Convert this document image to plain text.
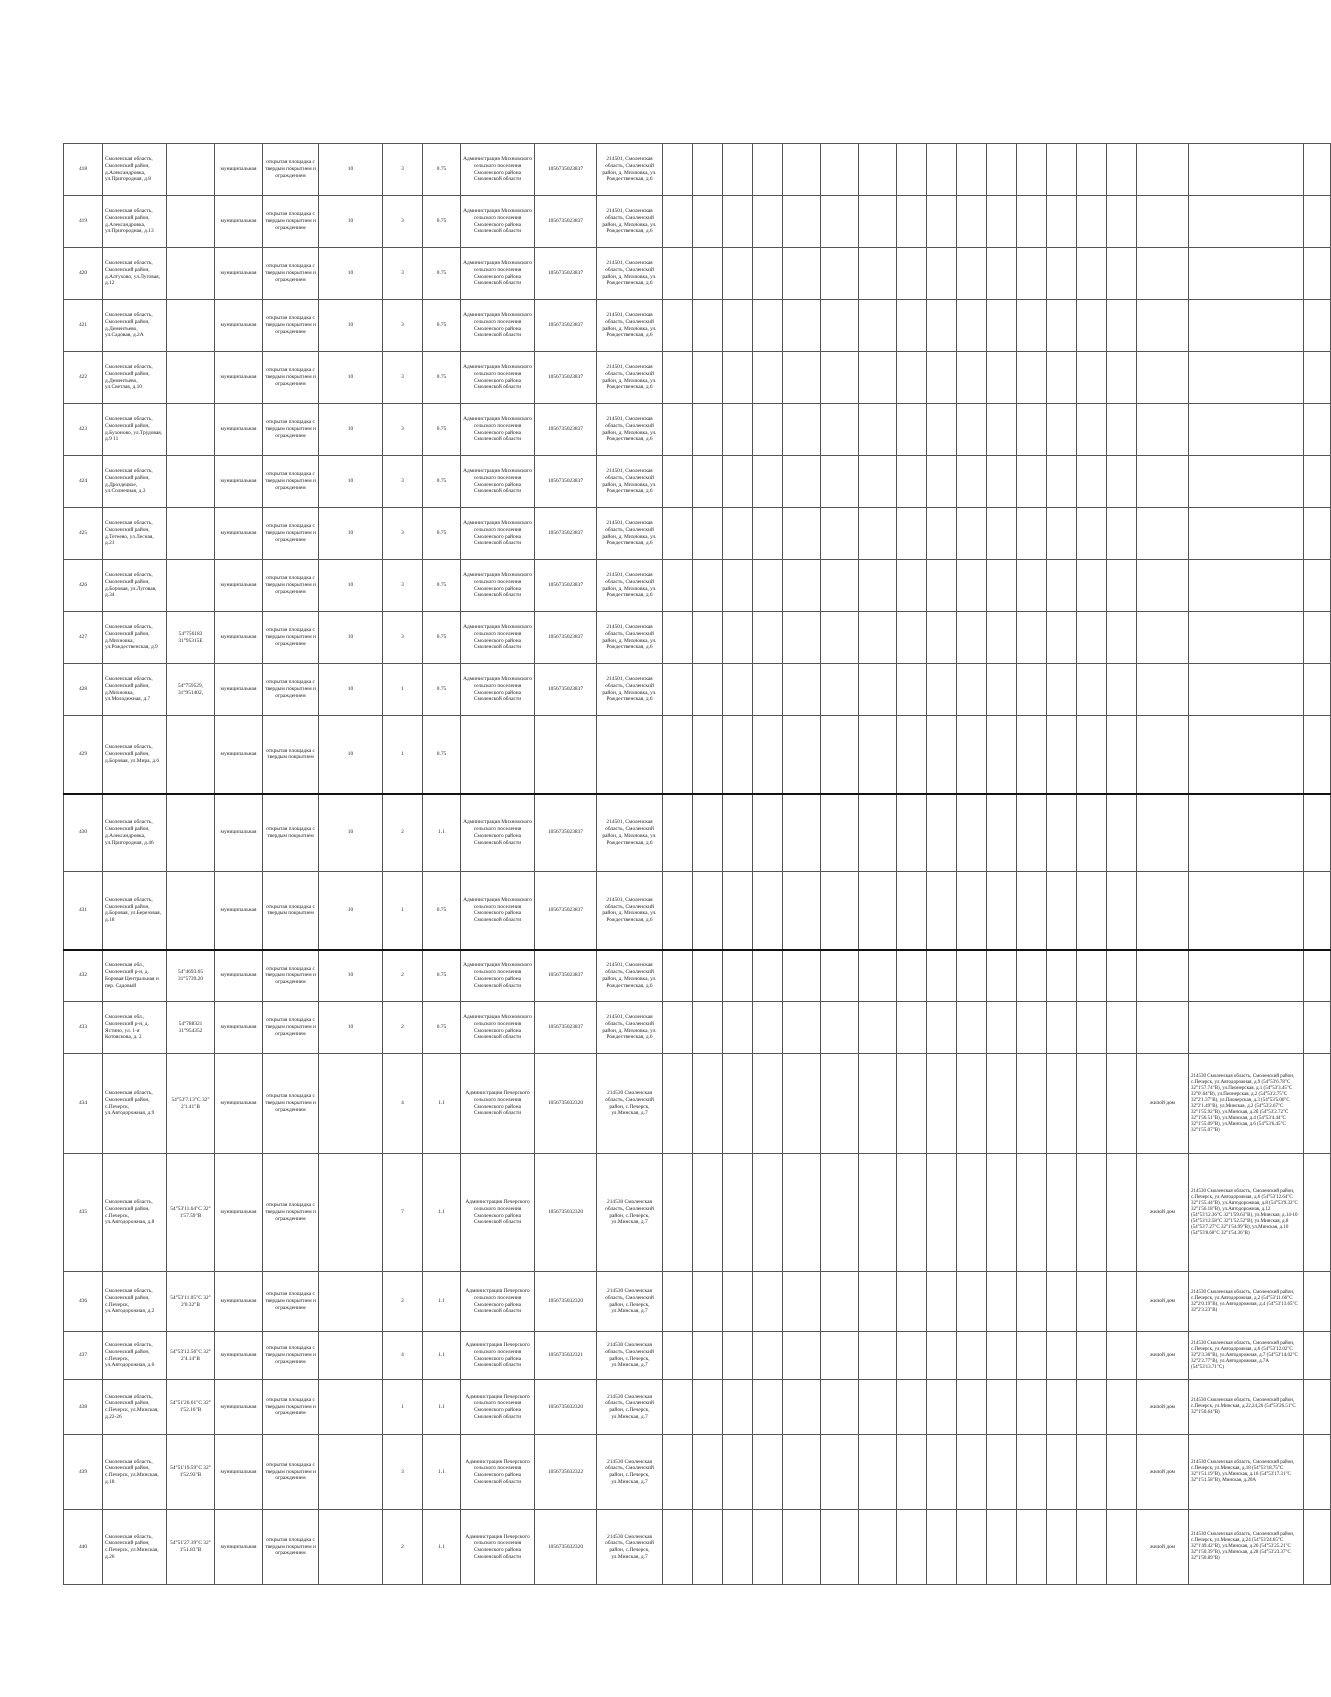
418	Смоленская область, Смоленский район, д.Александровка, ул.Пригородная, д.8		муниципальная	открытая площадка с твердым покрытием и ограждением	10	3	0.75	Администрация Михновского сельского поселения Смоленского района Смоленской области	1056735023837	214501, Смоленская область, Смоленский район, д. Михновка, ул. Рождественская, д.6																		
419	Смоленская область, Смоленский район, д.Александровка, ул.Пригородная, д.13		муниципальная	открытая площадка с твердым покрытием и ограждением	10	3	0.75	Администрация Михновского сельского поселения Смоленского района Смоленской области	1056735023837	214501, Смоленская область, Смоленский район, д. Михновка, ул. Рождественская, д.6																		
420	Смоленская область, Смоленский район, д.Алтухово, ул.Луговая, д.12		муниципальная	открытая площадка с твердым покрытием и ограждением	10	3	0.75	Администрация Михновского сельского поселения Смоленского района Смоленской области	1056735023837	214501, Смоленская область, Смоленский район, д. Михновка, ул. Рождественская, д.6																		
421	Смоленская область, Смоленский район, д.Дементьево, ул.Садовая, д.2А		муниципальная	открытая площадка с твердым покрытием и ограждением	10	3	0.75	Администрация Михновского сельского поселения Смоленского района Смоленской области	1056735023837	214501, Смоленская область, Смоленский район, д. Михновка, ул. Рождественская, д.6																		
422	Смоленская область, Смоленский район, д.Дементьево, ул.Светлая, д.10		муниципальная	открытая площадка с твердым покрытием и ограждением	10	3	0.75	Администрация Михновского сельского поселения Смоленского района Смоленской области	1056735023837	214501, Смоленская область, Смоленский район, д. Михновка, ул. Рождественская, д.6																		
423	Смоленская область, Смоленский район, д.Бухоново, ул.Трудовая, д.9 11		муниципальная	открытая площадка с твердым покрытием и ограждением	10	3	0.75	Администрация Михновского сельского поселения Смоленского района Смоленской области	1056735023837	214501, Смоленская область, Смоленский район, д. Михновка, ул. Рождественская, д.6																		
424	Смоленская область, Смоленский район, д.Дроздецкое, ул.Солнечная, д.3		муниципальная	открытая площадка с твердым покрытием и ограждением	10	3	0.75	Администрация Михновского сельского поселения Смоленского района Смоленской области	1056735023837	214501, Смоленская область, Смоленский район, д. Михновка, ул. Рождественская, д.6																		
425	Смоленская область, Смоленский район, д.Тетеево, ул.Лесная, д.21		муниципальная	открытая площадка с твердым покрытием и ограждением	10	3	0.75	Администрация Михновского сельского поселения Смоленского района Смоленской области	1056735023837	214501, Смоленская область, Смоленский район, д. Михновка, ул. Рождественская, д.6																		
426	Смоленская область, Смоленский район, д.Боровая, ул.Луговая, д.34		муниципальная	открытая площадка с твердым покрытием и ограждением	10	3	0.75	Администрация Михновского сельского поселения Смоленского района Смоленской области	1056735023837	214501, Смоленская область, Смоленский район, д. Михновка, ул. Рождественская, д.6																		
427	Смоленская область, Смоленский район, д.Михновка, ул.Рождественская, д.9	54°756183 31°95315Е	муниципальная	открытая площадка с твердым покрытием и ограждением	10	3	0.75	Администрация Михновского сельского поселения Смоленского района Смоленской области	1056735023837	214501, Смоленская область, Смоленский район, д. Михновка, ул. Рождественская, д.6																		
428	Смоленская область, Смоленский район, д.Михновка, ул.Молодежная, д.7	54°759529, 31°951402,	муниципальная	открытая площадка с твердым покрытием и ограждением	10	1	0.75	Администрация Михновского сельского поселения Смоленского района Смоленской области	1056735023837	214501, Смоленская область, Смоленский район, д. Михновка, ул. Рождественская, д.6																		
429	Смоленская область, Смоленский район, д.Боровая, ул.Мира, д.6		муниципальная	открытая площадка с твердым покрытием	10	1	0.75																					
430	Смоленская область, Смоленский район, д.Александровка, ул.Пригородная, д.46		муниципальная	открытая площадка с твердым покрытием	10	2	1.1	Администрация Михновского сельского поселения Смоленского района Смоленской области	1056735023837	214501, Смоленская область, Смоленский район, д. Михновка, ул. Рождественская, д.6																		
431	Смоленская область, Смоленский район, д.Боровая, ул.Березовая, д.18		муниципальная	открытая площадка с твердым покрытием	10	1	0.75	Администрация Михновского сельского поселения Смоленского района Смоленской области	1056735023837	214501, Смоленская область, Смоленский район, д. Михновка, ул. Рождественская, д.6																		
432	Смоленская обл., Смоленский р-н, д. Боровая Центральная и пер. Садовый	54°4693.65 31°5739.20	муниципальная	открытая площадка с твердым покрытием и ограждением	10	2	0.75	Администрация Михновского сельского поселения Смоленского района Смоленской области	1056735023837	214501, Смоленская область, Смоленский район, д. Михновка, ул. Рождественская, д.6																		
433	Смоленская обл., Смоленский р-н, д. Ястино, ул. 1-я Котовскова, д. 2	54°788321 31°954352	муниципальная	открытая площадка с твердым покрытием и ограждением	10	2	0.75	Администрация Михновского сельского поселения Смоленского района Смоленской области	1056735023837	214501, Смоленская область, Смоленский район, д. Михновка, ул. Рождественская, д.6																		
434	Смоленская область, Смоленский район, с.Печерск, ул.Автодорожная, д.9	54°53'7.13"С 32° 2'1.41"В	муниципальная	открытая площадка с твердым покрытием и ограждением		4	1.1	Администрация Печерского сельского поселения Смоленского района Смоленской области	1056735032320	214530 Смоленская область, Смоленский район, с.Печерск, ул.Минская, д.7																жилой дом	214530 Смоленская область, Смоленский район, с.Печерск, ул.Автодорожная, д.9 (54°53'6.78"С 32°1'57.74"В), ул.Пионерская, д.1 (54°53'3.45"С 32°0'.64"В), ул.Пионерская, д.2 (54°53'2.75"С 32°2'1.37"В), ул.Пионерская, д.3 (54°53'5.06"С 32°2'1.49"В), ул.Минская, д.2 (54°53'2.67"С 32°1'55.92"В), ул.Минская, д.2б (54°53'2.72"С 32°1'56.51"В), ул.Минская, д.4 (54°53'4.44"С 32°1'55.09"В), ул.Минская, д.6 (54°53'6.45"С 32°1'55.07"В)	
435	Смоленская область, Смоленский район, с.Печерск, ул.Автодорожная, д.8	54°53'11.64"С 32° 1'57.59"В	муниципальная	открытая площадка с твердым покрытием и ограждением		7	1.1	Администрация Печерского сельского поселения Смоленского района Смоленской области	1056735032320	214530 Смоленская область, Смоленский район, с.Печерск, ул.Минская, д.7																жилой дом	214530 Смоленская область, Смоленский район, с.Печерск, ул.Автодорожная, д.6 (54°53'12.64"С 32°1'55.44"В), ул.Автодорожная, д.8 (54°53'9.32"С 32°1'56.18"В), ул.Автодорожная, д.12 (54°53'12.36"С 32°1'59.63"В), ул.Минская, д.14-10 (54°53'12.58"С 32°1'52.52"В), ул.Минская, д.8 (54°53'7.27"С 32°1'54.99"В), ул.Минская, д.10 (54°53'8.68"С 32°1'54.36"В)	
436	Смоленская область, Смоленский район, с.Печерск, ул.Автодорожная, д.2	54°53'11.05"С 32° 2'0.32"В	муниципальная	открытая площадка с твердым покрытием и ограждением		2	1.1	Администрация Печерского сельского поселения Смоленского района Смоленской области	1056735032320	214530 Смоленская область, Смоленский район, с.Печерск, ул.Минская, д.7																жилой дом	214530 Смоленская область, Смоленский район, с.Печерск, ул.Автодорожная, д.2 (54°53'11.66"С 32°2'0.19"В), ул.Автодорожная, д.4 (54°53'13.65"С 32°2'3.23"В)	
437	Смоленская область, Смоленский район, с.Печерск, ул.Автодорожная, д.6	54°53'12.56"С 32° 2'4.14"В	муниципальная	открытая площадка с твердым покрытием и ограждением		4	1.1	Администрация Печерского сельского поселения Смоленского района Смоленской области	1056735032321	214530 Смоленская область, Смоленский район, с.Печерск, ул.Минская, д.7																жилой дом	214530 Смоленская область, Смоленский район, с.Печерск, ул.Автодорожная, д.6 (54°53'12.02"С 32°2'3.36"В), ул.Автодорожная, д.7 (54°53'14.02"С 32°2'2.77"В), ул.Автодорожная, д.7А (54°53'13.71"С)	
438	Смоленская область, Смоленский район, с.Печерск, ул.Минская, д.22-26	54°51'26.61"С 32° 1'52.16"В	муниципальная	открытая площадка с твердым покрытием и ограждением		1	1.1	Администрация Печерского сельского поселения Смоленского района Смоленской области	1056735032320	214530 Смоленская область, Смоленский район, с.Печерск, ул.Минская, д.7																жилой дом	214530 Смоленская область, Смоленский район, с.Печерск, ул.Минская, д.22,24,26 (54°53'26.51"С 32°1'50.64"В)	
439	Смоленская область, Смоленский район, с.Печерск, ул.Минская, д.18	54°51'19.59"С 32° 1'52.93"В	муниципальная	открытая площадка с твердым покрытием и ограждением		3	1.1	Администрация Печерского сельского поселения Смоленского района Смоленской области	1056735032322	214530 Смоленская область, Смоленский район, с.Печерск, ул.Минская, д.7																жилой дом	214530 Смоленская область, Смоленский район, с.Печерск, ул.Минская, д.18 (54°53'18.75"С 32°1'51.19"В), ул.Минская, д.16 (54°53'17.31"С 32°1'51.58"В), Минская, д.20А	
440	Смоленская область, Смоленский район, с.Печерск, ул.Минская, д.26	54°51'27.39"С 32° 1'51.83"В	муниципальная	открытая площадка с твердым покрытием и ограждением		2	1.1	Администрация Печерского сельского поселения Смоленского района Смоленской области	1056735032320	214530 Смоленская область, Смоленский район, с.Печерск, ул.Минская, д.7																жилой дом	214530 Смоленская область, Смоленский район, с.Печерск, ул.Минская, д.24 (54°53'24.65"С 32°1'49.42"В), ул.Минская, д.26 (54°53'25.21"С 32°1'50.39"В), ул.Минская, д.28 (54°53'23.37"С 32°1'50.89"В)	
